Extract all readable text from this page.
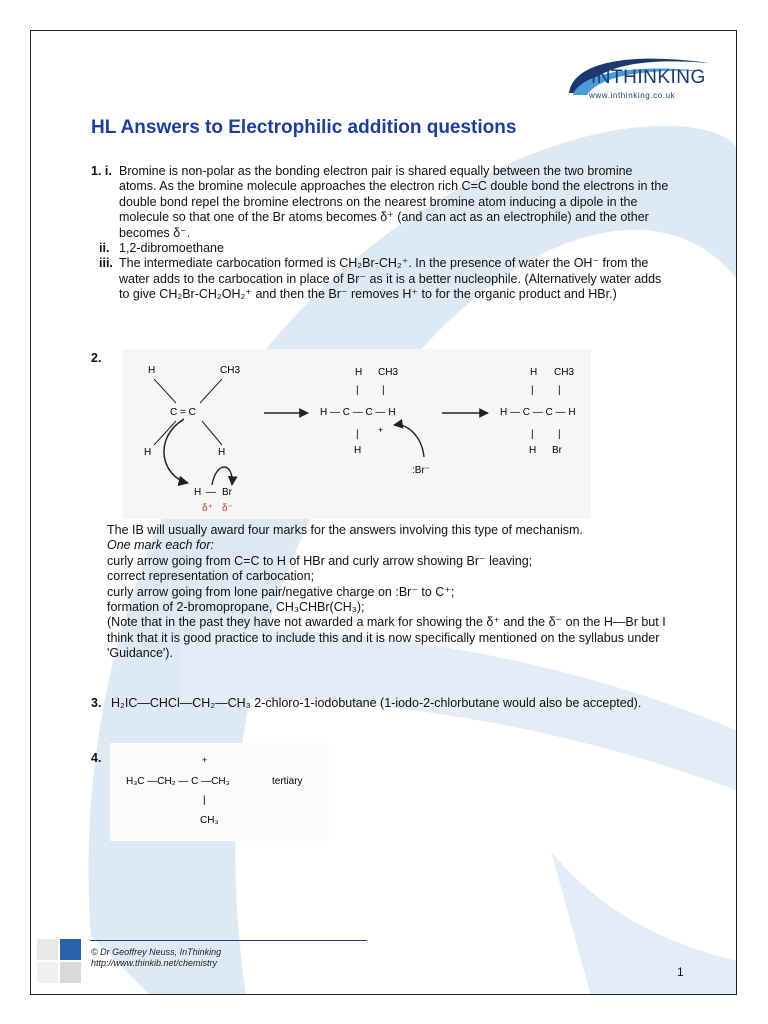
INTHINKING
www.inthinking.co.uk
HL Answers to Electrophilic addition questions
1. i. Bromine is non-polar as the bonding electron pair is shared equally between the two bromine
atoms. As the bromine molecule approaches the electron rich C=C double bond the electrons in the
double bond repel the bromine electrons on the nearest bromine atom inducing a dipole in the
molecule so that one of the Br atoms becomes δ⁺ (and can act as an electrophile) and the other
becomes δ⁻.
ii. 1,2-dibromoethane
iii. The intermediate carbocation formed is CH₂Br-CH₂⁺. In the presence of water the OH⁻ from the
water adds to the carbocation in place of Br⁻ as it is a better nucleophile. (Alternatively water adds
to give CH₂Br-CH₂OH₂⁺ and then the Br⁻ removes H⁺ to for the organic product and HBr.)
2.
H	CH3
C = C
H	H
H — Br
δ⁺ δ⁻
H CH3
| |
H — C — C — H
| +
H
:Br⁻
H CH3
| |
H — C — C — H
| |
H Br

The IB will usually award four marks for the answers involving this type of mechanism.

One mark each for:

curly arrow going from C=C to H of HBr and curly arrow showing Br⁻ leaving;

correct representation of carbocation;

curly arrow going from lone pair/negative charge on :Br⁻ to C⁺;

formation of 2-bromopropane, CH₃CHBr(CH₃);

(Note that in the past they have not awarded a mark for showing the δ⁺ and the δ⁻ on the H—Br but I

think that it is good practice to include this and it is now specifically mentioned on the syllabus under

'Guidance').

3. H₂IC—CHCl—CH₂—CH₃ 2-chloro-1-iodobutane (1-iodo-2-chlorbutane would also be accepted).
4.	+
H₃C —CH₂ — C —CH₃	tertiary
|
CH₃
© Dr Geoffrey Neuss, InThinking
http://www.thinkib.net/chemistry
1
